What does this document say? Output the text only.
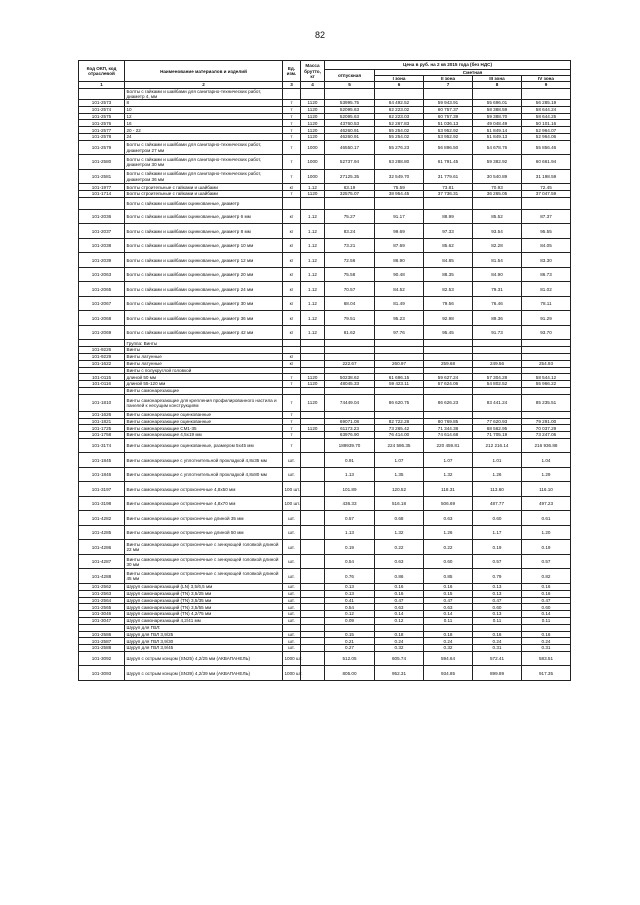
82
Код ОКП, код отраслевой	Наименование материалов и изделий	Ед. изм.	Масса брутто, кг	Цена в руб. на 2 кв 2015 года (без НДС)				
				отпускная	Сметная			
					I зона	II зона	III зона	IV зона
1	2	3	4	5	6	7	8	9
	Болты с гайками и шайбами для санитарно-технических работ, диаметр 4, мм							
101-2573	8	т	1120	53995.75	64 492.52	59 943.91	55 696.01	56 285.19
101-2574	10	т	1120	52095.63	62 223.02	60 757.37	58 388.59	58 644.24
101-2575	12	т	1120	52095.63	62 223.03	60 757.39	59 388.70	58 644.25
101-2576	16	т	1120	43760.53	52 267.83	51 036.13	49 048.49	50 101.16
101-2577	20 - 22	т	1120	46260.91	55 254.02	53 952.92	51 849.14	52 964.07
101-2578	24	т	1120	46260.91	55 254.02	53 952.92	51 849.13	52 964.06
101-2579	Болты с гайками и шайбами для санитарно-технических работ, диаметром 27 мм	т	1000	46550.17	55 276.23	56 896.50	54 678.76	55 856.46
101-2580	Болты с гайками и шайбами для санитарно-технических работ, диаметром 30 мм	т	1000	52737.94	63 288.80	61 791.45	59 382.92	60 661.94
101-2581	Болты с гайками и шайбами для санитарно-технических работ, диаметром 36 мм	т	1000	27125.35	32 549.70	31 779.61	30 540.89	31 198.59
101-1977	Болты строительные с гайками и шайбами	кг	1.12	63.19	75.59	73.81	70.93	72.45
101-1714	Болты строительные с гайками и шайбами	т	1120	32575.07	38 954.45	37 736.31	36 265.05	37 047.59
	Болты с гайками и шайбами оцинкованные, диаметр							
101-2036	Болты с гайками и шайбами оцинкованные, диаметр 6 мм	кг	1.12	75.27	91.17	88.99	85.52	87.37
101-2037	Болты с гайками и шайбами оцинкованные, диаметр 8 мм	кг	1.12	83.24	99.69	97.33	93.54	95.55
101-2038	Болты с гайками и шайбами оцинкованные, диаметр 10 мм	кг	1.12	73.21	87.69	85.62	82.28	84.05
101-2039	Болты с гайками и шайбами оцинкованные, диаметр 12 мм	кг	1.12	72.56	86.90	84.85	81.54	83.30
101-2063	Болты с гайками и шайбами оцинкованные, диаметр 20 мм	кг	1.12	75.58	90.48	88.35	84.90	86.73
101-2065	Болты с гайками и шайбами оцинкованные, диаметр 24 мм	кг	1.12	70.57	84.52	82.53	79.31	81.02
101-2067	Болты с гайками и шайбами оцинкованные, диаметр 30 мм	кг	1.12	68.04	81.49	79.56	76.46	78.11
101-2068	Болты с гайками и шайбами оцинкованные, диаметр 36 мм	кг	1.12	79.51	95.23	92.98	89.36	91.29
101-2069	Болты с гайками и шайбами оцинкованные, диаметр 42 мм	кг	1.12	81.62	97.76	95.45	91.73	93.70
	Группа: Винты							
101-9226	Винты							
101-9229	Винты латунные	кг						
101-1622	Винты латунные	кг		222.67	260.97	259.68	249.56	254.93
	Винты с полукруглой головкой							
101-0115	длиной 50 мм	т	1120	50238.62	61 696.15	59 627.24	57 304.28	58 544.12
101-0116	длиной 55-120 мм	т	1120	48045.33	59 423.11	57 624.06	54 802.52	55 966.22
	Винты самонарезающие							
101-1810	Винты самонарезающие для крепления профилированного настила и панелей к несущим конструкциям	т	1120	74449.04	86 620.75	86 626.23	83 441.24	85 235.51
101-1626	Винты самонарезающие оцинкованные	т						
101-1821	Винты самонарезающие оцинкованные	т		69071.08	82 722.28	80 769.85	77 620.93	79 291.00
101-1725	Винты самонарезающие СМ1-35	т	1120	61173.23	73 265.42	71 344.38	68 562.95	70 037.29
101-1758	Винты самонарезающие 4,5х19 мм	т		63976.90	76 414.00	74 614.68	71 705.19	73 247.06
101-3174	Винты самонарезающие оцинкованные, размером 5х45 мм	т		189939.70	224 586.35	220 459.81	212 216.14	216 936.88
101-1845	Винты самонарезающие с уплотнительной прокладкой 4,8х35 мм	шт.		0.91	1.07	1.07	1.01	1.04
101-1846	Винты самонарезающие с уплотнительной прокладкой 4,8х80 мм	шт.		1.13	1.35	1.32	1.26	1.29
101-3197	Винты самонарезающие остроконечные 4,8х50 мм	100 шт.		101.89	120.52	118.31	113.60	116.10
101-3198	Винты самонарезающие остроконечные 4,8х70 мм	100 шт.		436.33	516.18	506.69	487.77	497.23
101-4282	Винты самонарезающие остроконечные длиной 35 мм	шт.		0.57	0.68	0.63	0.60	0.61
101-4285	Винты самонарезающие остроконечные длиной 50 мм	шт.		1.13	1.32	1.26	1.17	1.20
101-4286	Винты самонарезающие остроконечные с зенкующей головкой длиной 22 мм	шт.		0.19	0.22	0.22	0.19	0.19
101-4287	Винты самонарезающие остроконечные с зенкующей головкой длиной 30 мм	шт.		0.54	0.63	0.60	0.57	0.57
101-4288	Винты самонарезающие остроконечные с зенкующей головкой длиной 45 мм	шт.		0.76	0.86	0.85	0.79	0.82
101-2562	Шуруп самонарезающий (LN) 3,5/6,5 мм	шт.		0.13	0.16	0.16	0.13	0.16
101-2563	Шуруп самонарезающий (TN) 3,5/25 мм	шт.		0.13	0.16	0.15	0.13	0.16
101-2564	Шуруп самонарезающий (TN) 3,5/35 мм	шт.		0.41	0.47	0.47	0.47	0.47
101-2565	Шуруп самонарезающий (TN) 3,5/55 мм	шт.		0.54	0.63	0.63	0.60	0.60
101-3046	Шуруп самонарезающий (TN) 4,2/75 мм	шт.		0.12	0.14	0.14	0.13	0.14
101-3047	Шуруп самонарезающий 4,2/41 мм	шт.		0.09	0.12	0.11	0.11	0.11
	Шуруп для ГВЛ:							
101-2586	Шуруп для ГВЛ 3,9/25	шт.		0.15	0.18	0.18	0.16	0.16
101-2587	Шуруп для ГВЛ 3,9/30	шт.		0.21	0.24	0.24	0.24	0.24
101-2588	Шуруп для ГВЛ 3,9/45	шт.		0.27	0.32	0.32	0.31	0.31
101-3092	Шуруп с острым концом (SN25) 4,2/25 мм (АКВАПАНЕЛЬ)	1000 шт.		512.05	605.74	594.64	572.41	583.51
101-3093	Шуруп с острым концом (SN39) 4,2/39 мм (АКВАПАНЕЛЬ)	1000 шт.		805.00	952.31	934.85	899.89	917.35
